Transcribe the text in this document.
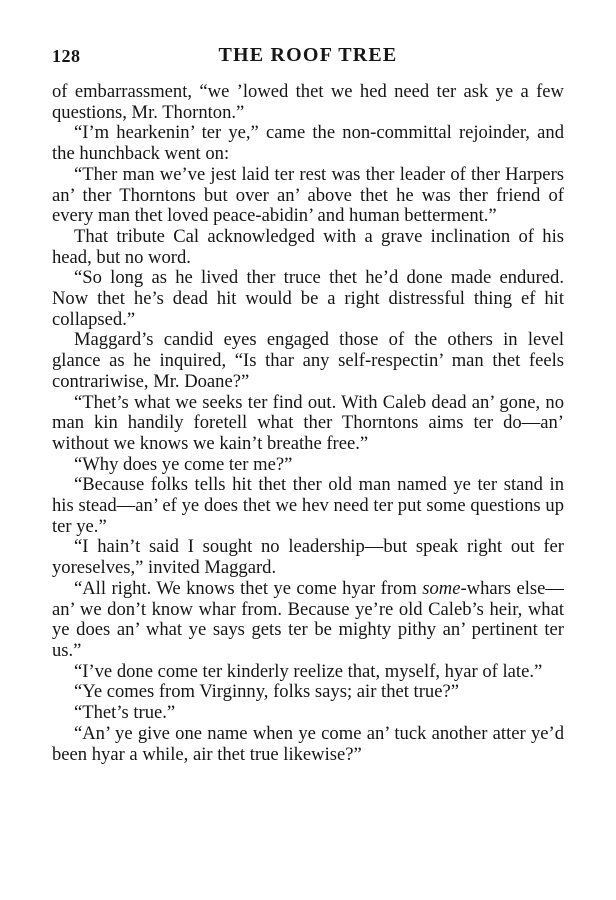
128	THE ROOF TREE

of embarrassment, “we ’lowed thet we hed need ter ask ye a few questions, Mr. Thornton.”

“I’m hearkenin’ ter ye,” came the non-committal rejoinder, and the hunchback went on:

“Ther man we’ve jest laid ter rest was ther leader of ther Harpers an’ ther Thorntons but over an’ above thet he was ther friend of every man thet loved peace-abidin’ and human betterment.”

That tribute Cal acknowledged with a grave inclination of his head, but no word.

“So long as he lived ther truce thet he’d done made endured. Now thet he’s dead hit would be a right distressful thing ef hit collapsed.”

Maggard’s candid eyes engaged those of the others in level glance as he inquired, “Is thar any self-respectin’ man thet feels contrariwise, Mr. Doane?”

“Thet’s what we seeks ter find out. With Caleb dead an’ gone, no man kin handily foretell what ther Thorntons aims ter do—an’ without we knows we kain’t breathe free.”

“Why does ye come ter me?”

“Because folks tells hit thet ther old man named ye ter stand in his stead—an’ ef ye does thet we hev need ter put some questions up ter ye.”

“I hain’t said I sought no leadership—but speak right out fer yoreselves,” invited Maggard.

“All right. We knows thet ye come hyar from some-whars else—an’ we don’t know whar from. Because ye’re old Caleb’s heir, what ye does an’ what ye says gets ter be mighty pithy an’ pertinent ter us.”

“I’ve done come ter kinderly reelize that, myself, hyar of late.”

“Ye comes from Virginny, folks says; air thet true?”

“Thet’s true.”

“An’ ye give one name when ye come an’ tuck another atter ye’d been hyar a while, air thet true likewise?”
